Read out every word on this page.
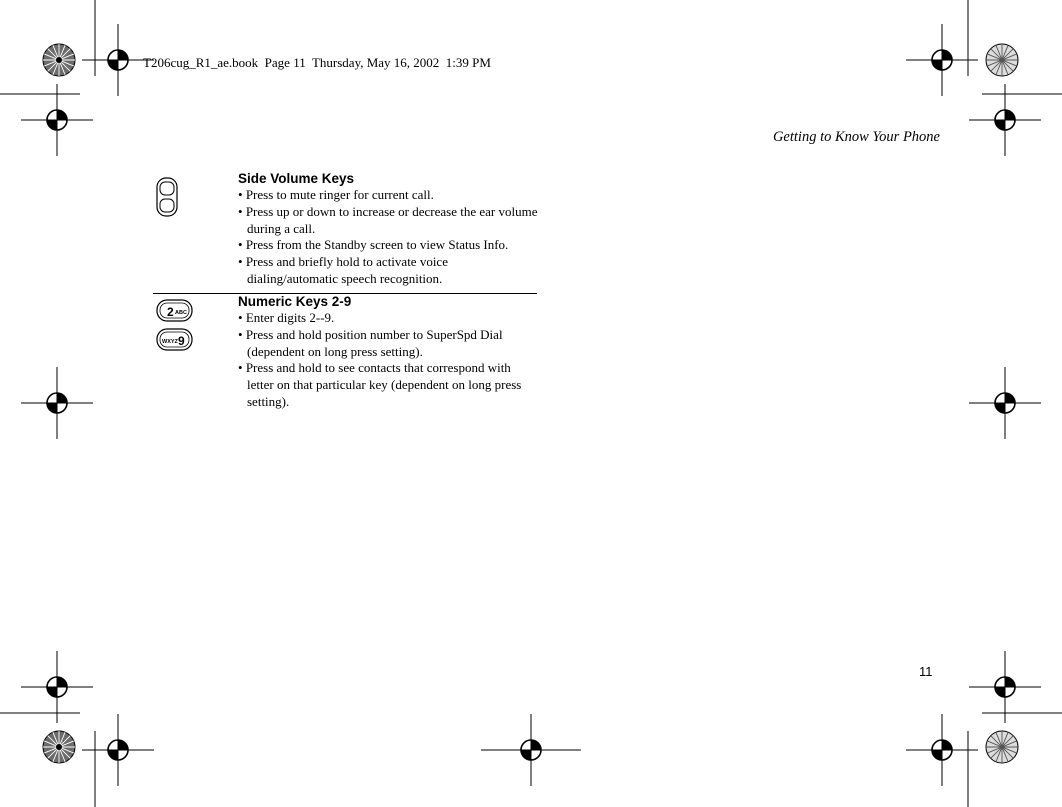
T206cug_R1_ae.book  Page 11  Thursday, May 16, 2002  1:39 PM
Getting to Know Your Phone
Side Volume Keys
• Press to mute ringer for current call.
• Press up or down to increase or decrease the ear volume during a call.
• Press from the Standby screen to view Status Info.
• Press and briefly hold to activate voice dialing/automatic speech recognition.
2 ABC
WXYZ 9
Numeric Keys 2-9
• Enter digits 2--9.
• Press and hold position number to SuperSpd Dial (dependent on long press setting).
• Press and hold to see contacts that correspond with letter on that particular key (dependent on long press setting).
11
